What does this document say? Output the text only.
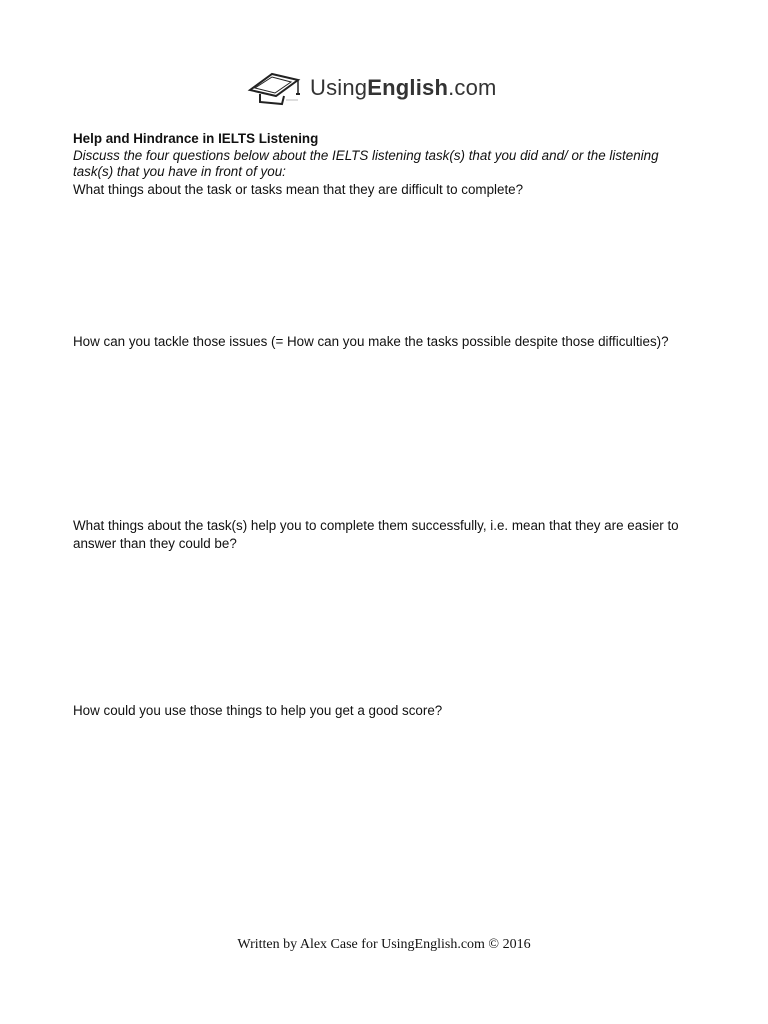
UsingEnglish.com

Help and Hindrance in IELTS Listening

Discuss the four questions below about the IELTS listening task(s) that you did and/ or the listening task(s) that you have in front of you:

What things about the task or tasks mean that they are difficult to complete?

How can you tackle those issues (= How can you make the tasks possible despite those difficulties)?

What things about the task(s) help you to complete them successfully, i.e. mean that they are easier to answer than they could be?

How could you use those things to help you get a good score?

Written by Alex Case for UsingEnglish.com © 2016
